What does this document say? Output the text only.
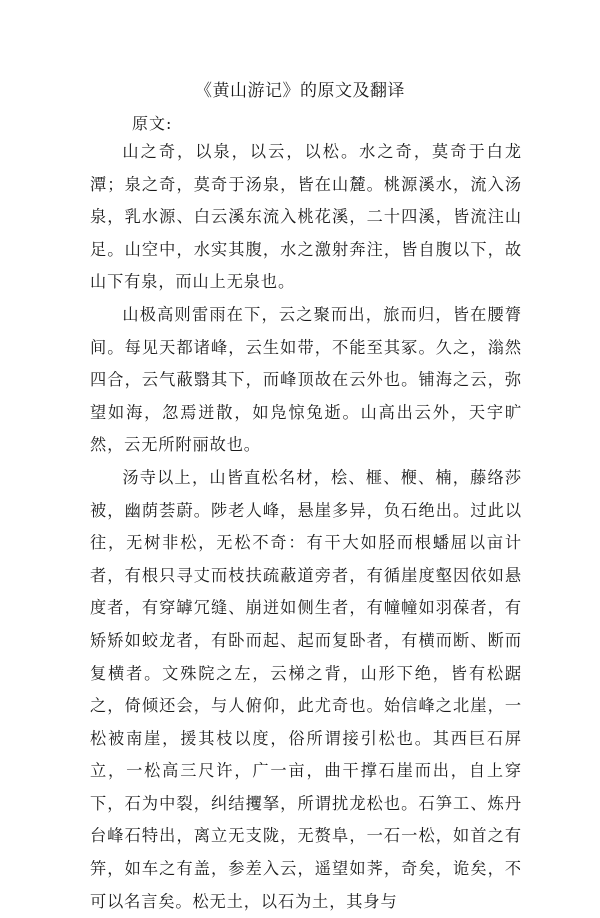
《黄山游记》的原文及翻译
原文:

山之奇，以泉，以云，以松。水之奇，莫奇于白龙潭；泉之奇，莫奇于汤泉，皆在山麓。桃源溪水，流入汤泉，乳水源、白云溪东流入桃花溪，二十四溪，皆流注山足。山空中，水实其腹，水之激射奔注，皆自腹以下，故山下有泉，而山上无泉也。

山极高则雷雨在下，云之聚而出，旅而归，皆在腰膂间。每见天都诸峰，云生如带，不能至其冢。久之，滃然四合，云气蔽翳其下，而峰顶故在云外也。铺海之云，弥望如海，忽焉迸散，如凫惊兔逝。山高出云外，天宇旷然，云无所附丽故也。

汤寺以上，山皆直松名材，桧、榧、楩、楠，藤络莎被，幽荫荟蔚。陟老人峰，悬崖多异，负石绝出。过此以往，无树非松，无松不奇：有干大如胫而根蟠屈以亩计者，有根只寻丈而枝扶疏蔽道旁者，有循崖度壑因依如悬度者，有穿罅冗缝、崩迸如侧生者，有幢幢如羽葆者，有矫矫如蛟龙者，有卧而起、起而复卧者，有横而断、断而复横者。文殊院之左，云梯之背，山形下绝，皆有松踞之，倚倾还会，与人俯仰，此尤奇也。始信峰之北崖，一松被南崖，援其枝以度，俗所谓接引松也。其西巨石屏立，一松高三尺许，广一亩，曲干撑石崖而出，自上穿下，石为中裂，纠结攫拏，所谓扰龙松也。石笋工、炼丹台峰石特出，离立无支陇，无赘阜，一石一松，如首之有笄，如车之有盖，参差入云，遥望如荠，奇矣，诡矣，不可以名言矣。松无土，以石为土，其身与
